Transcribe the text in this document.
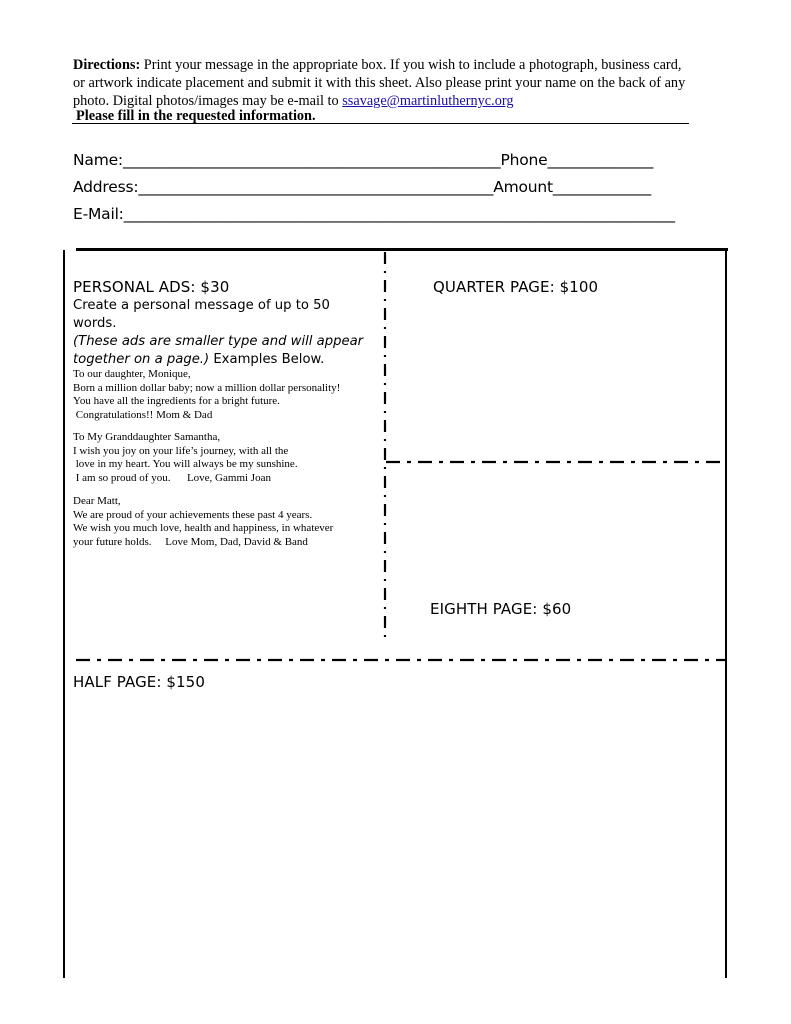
Directions: Print your message in the appropriate box. If you wish to include a photograph, business card, or artwork indicate placement and submit it with this sheet. Also please print your name on the back of any photo. Digital photos/images may be e-mail to ssavage@martinluthernyc.org
Please fill in the requested information.
Name:__________________________________________________Phone______________
Address:_______________________________________________Amount_____________
E-Mail:_________________________________________________________________________
PERSONAL ADS: $30
Create a personal message of up to 50 words.
(These ads are smaller type and will appear
together on a page.) Examples Below.
To our daughter, Monique,
Born a million dollar baby; now a million dollar personality!
You have all the ingredients for a bright future.
Congratulations!! Mom & Dad
To My Granddaughter Samantha,
I wish you joy on your life’s journey, with all the
love in my heart. You will always be my sunshine.
I am so proud of you.      Love, Gammi Joan
Dear Matt,
We are proud of your achievements these past 4 years.
We wish you much love, health and happiness, in whatever
your future holds.     Love Mom, Dad, David & Band
QUARTER PAGE: $100
EIGHTH PAGE: $60
HALF PAGE: $150
